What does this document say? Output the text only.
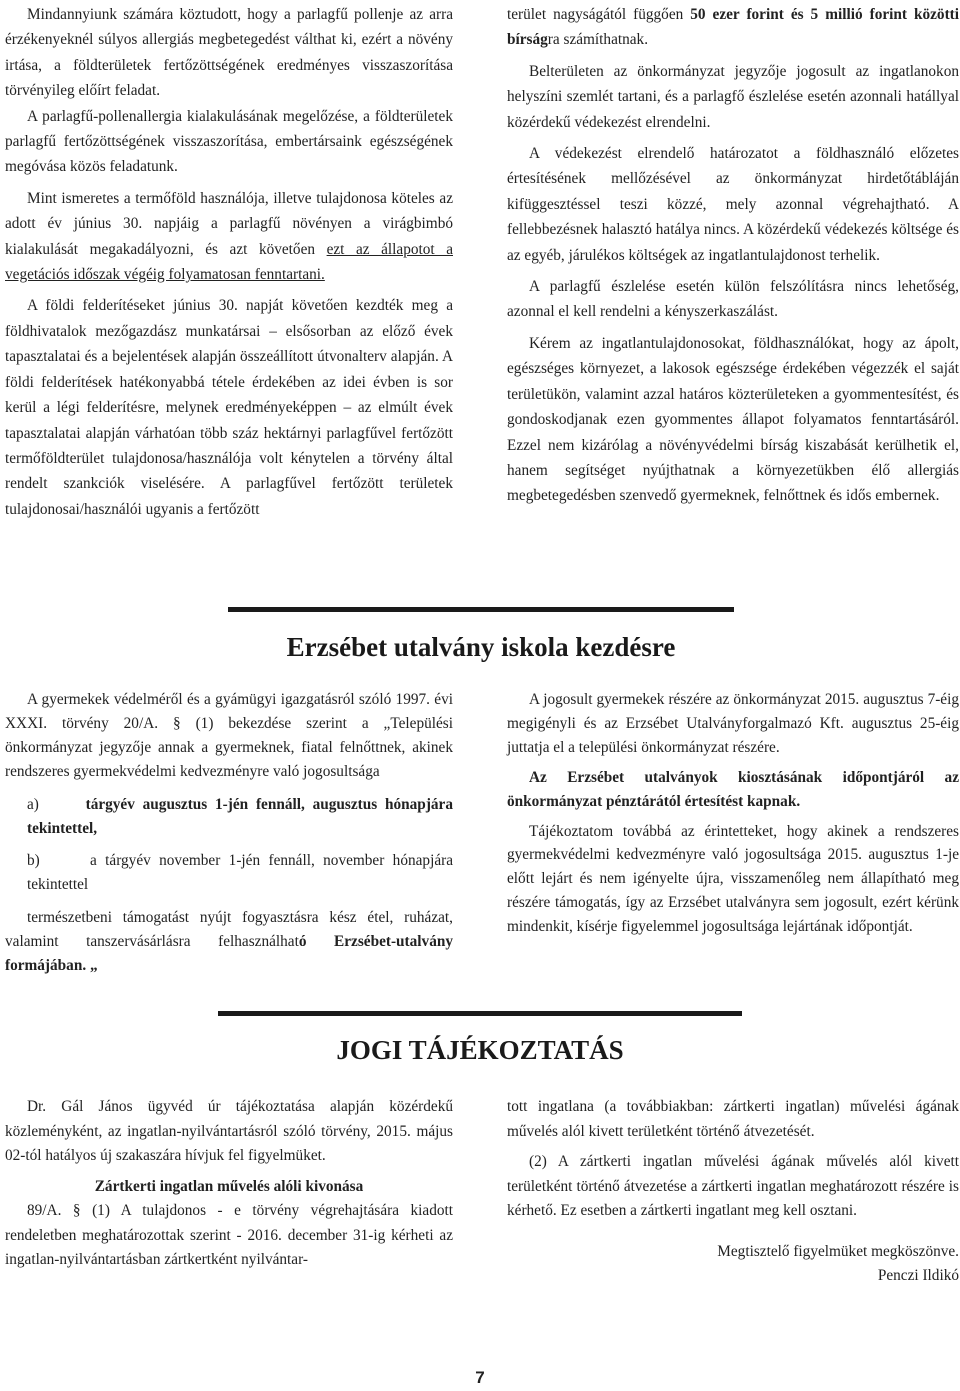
Mindannyiunk számára köztudott, hogy a parlagfű pollenje az arra érzékenyeknél súlyos allergiás megbetegedést válthat ki, ezért a növény irtása, a földterületek fertőzöttségének eredményes visszaszorítása törvényileg előírt feladat.

A parlagfű-pollenallergia kialakulásának megelőzése, a földterületek parlagfű fertőzöttségének visszaszorítása, embertársaink egészségének megóvása közös feladatunk.

Mint ismeretes a termőföld használója, illetve tulajdonosa köteles az adott év június 30. napjáig a parlagfű növényen a virágbimbó kialakulását megakadályozni, és azt követően ezt az állapotot a vegetációs időszak végéig folyamatosan fenntartani.

A földi felderítéseket június 30. napját követően kezdték meg a földhivatalok mezőgazdász munkatársai – elsősorban az előző évek tapasztalatai és a bejelentések alapján összeállított útvonalterv alapján. A földi felderítések hatékonyabbá tétele érdekében az idei évben is sor kerül a légi felderítésre, melynek eredményeképpen – az elmúlt évek tapasztalatai alapján várhatóan több száz hektárnyi parlagfűvel fertőzött termőföldterület tulajdonosa/használója volt kénytelen a törvény által rendelt szankciók viselésére. A parlagfűvel fertőzött területek tulajdonosai/használói ugyanis a fertőzött

terület nagyságától függően 50 ezer forint és 5 millió forint közötti bírságra számíthatnak.

Belterületen az önkormányzat jegyzője jogosult az ingatlanokon helyszíni szemlét tartani, és a parlagfő észlelése esetén azonnali hatállyal közérdekű védekezést elrendelni.

A védekezést elrendelő határozatot a földhasználó előzetes értesítésének mellőzésével az önkormányzat hirdetőtábláján kifüggesztéssel teszi közzé, mely azonnal végrehajtható. A fellebbezésnek halasztó hatálya nincs. A közérdekű védekezés költsége és az egyéb, járulékos költségek az ingatlantulajdonost terhelik.

A parlagfű észlelése esetén külön felszólításra nincs lehetőség, azonnal el kell rendelni a kényszerkaszálást.

Kérem az ingatlantulajdonosokat, földhasználókat, hogy az ápolt, egészséges környezet, a lakosok egészsége érdekében végezzék el saját területükön, valamint azzal határos közterületeken a gyommentesítést, és gondoskodjanak ezen gyommentes állapot folyamatos fenntartásáról. Ezzel nem kizárólag a növényvédelmi bírság kiszabását kerülhetik el, hanem segítséget nyújthatnak a környezetükben élő allergiás megbetegedésben szenvedő gyermeknek, felnőttnek és idős embernek.

Erzsébet utalvány iskola kezdésre

A gyermekek védelméről és a gyámügyi igazgatásról szóló 1997. évi XXXI. törvény 20/A. § (1) bekezdése szerint a „Települési önkormányzat jegyzője annak a gyermeknek, fiatal felnőttnek, akinek rendszeres gyermekvédelmi kedvezményre való jogosultsága

a)	tárgyév augusztus 1-jén fennáll, augusztus hónapjára tekintettel,

b)	a tárgyév november 1-jén fennáll, november hónapjára tekintettel

természetbeni támogatást nyújt fogyasztásra kész étel, ruházat, valamint tanszervásárlásra felhasználható Erzsébet-utalvány formájában. „

A jogosult gyermekek részére az önkormányzat 2015. augusztus 7-éig megigényli és az Erzsébet Utalványforgalmazó Kft. augusztus 25-éig juttatja el a települési önkormányzat részére.

Az Erzsébet utalványok kiosztásának időpontjáról az önkormányzat pénztárától értesítést kapnak.

Tájékoztatom továbbá az érintetteket, hogy akinek a rendszeres gyermekvédelmi kedvezményre való jogosultsága 2015. augusztus 1-je előtt lejárt és nem igényelte újra, visszamenőleg nem állapítható meg részére támogatás, így az Erzsébet utalványra sem jogosult, ezért kérünk mindenkit, kísérje figyelemmel jogosultsága lejártának időpontját.

JOGI TÁJÉKOZTATÁS

Dr. Gál János ügyvéd úr tájékoztatása alapján közérdekű közleményként, az ingatlan-nyilvántartásról szóló törvény, 2015. május 02-tól hatályos új szakaszára hívjuk fel figyelmüket.

Zártkerti ingatlan művelés alóli kivonása

89/A. § (1) A tulajdonos - e törvény végrehajtására kiadott rendeletben meghatározottak szerint - 2016. december 31-ig kérheti az ingatlan-nyilvántartásban zártkertként nyilvántar-

tott ingatlana (a továbbiakban: zártkerti ingatlan) művelési ágának művelés alól kivett területként történő átvezetését.

(2) A zártkerti ingatlan művelési ágának művelés alól kivett területként történő átvezetése a zártkerti ingatlan meghatározott részére is kérhető. Ez esetben a zártkerti ingatlant meg kell osztani.

Megtisztelő figyelmüket megköszönve.

Penczi Ildikó

7
